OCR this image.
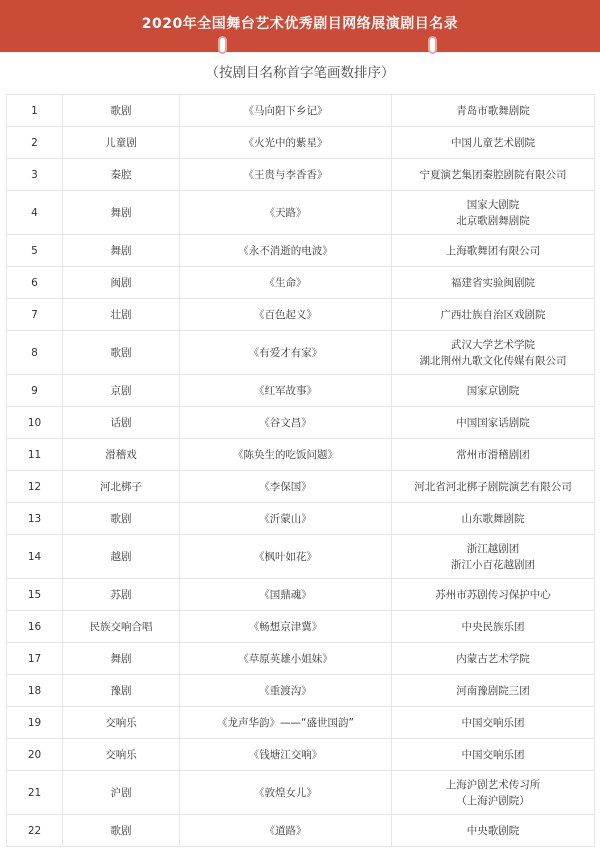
2020年全国舞台艺术优秀剧目网络展演剧目名录
（按剧目名称首字笔画数排序）
1	歌剧	《马向阳下乡记》	青岛市歌舞剧院

2	儿童剧	《火光中的紫星》	中国儿童艺术剧院

3	秦腔	《王贵与李香香》	宁夏演艺集团秦腔剧院有限公司

4	舞剧	《天路》	国家大剧院
北京歌剧舞剧院

5	舞剧	《永不消逝的电波》	上海歌舞团有限公司

6	闽剧	《生命》	福建省实验闽剧院

7	壮剧	《百色起义》	广西壮族自治区戏剧院

8	歌剧	《有爱才有家》	武汉大学艺术学院
湖北荆州九歌文化传媒有限公司

9	京剧	《红军故事》	国家京剧院

10	话剧	《谷文昌》	中国国家话剧院

11	滑稽戏	《陈奂生的吃饭问题》	常州市滑稽剧团

12	河北梆子	《李保国》	河北省河北梆子剧院演艺有限公司

13	歌剧	《沂蒙山》	山东歌舞剧院

14	越剧	《枫叶如花》	浙江越剧团
浙江小百花越剧团

15	苏剧	《国鼎魂》	苏州市苏剧传习保护中心

16	民族交响合唱	《畅想京津冀》	中央民族乐团

17	舞剧	《草原英雄小姐妹》	内蒙古艺术学院

18	豫剧	《重渡沟》	河南豫剧院三团

19	交响乐	《龙声华韵》——“盛世国韵”	中国交响乐团

20	交响乐	《钱塘江交响》	中国交响乐团

21	沪剧	《敦煌女儿》	上海沪剧艺术传习所
（上海沪剧院）

22	歌剧	《道路》	中央歌剧院
